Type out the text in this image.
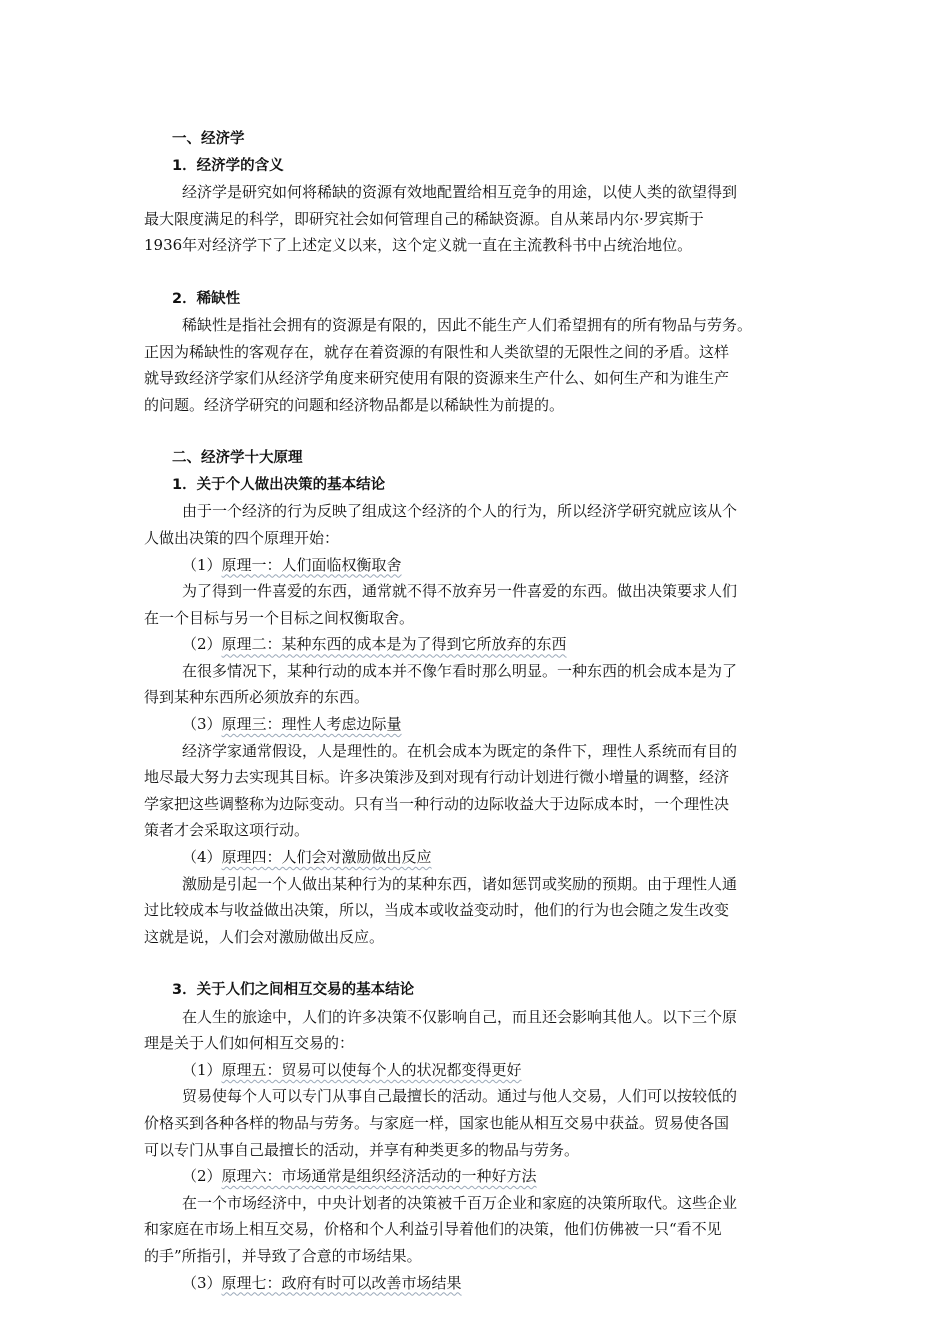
一、经济学
1．经济学的含义
经济学是研究如何将稀缺的资源有效地配置给相互竞争的用途，以使人类的欲望得到
最大限度满足的科学，即研究社会如何管理自己的稀缺资源。自从莱昂内尔·罗宾斯于
1936年对经济学下了上述定义以来，这个定义就一直在主流教科书中占统治地位。
2．稀缺性
稀缺性是指社会拥有的资源是有限的，因此不能生产人们希望拥有的所有物品与劳务。
正因为稀缺性的客观存在，就存在着资源的有限性和人类欲望的无限性之间的矛盾。这样
就导致经济学家们从经济学角度来研究使用有限的资源来生产什么、如何生产和为谁生产
的问题。经济学研究的问题和经济物品都是以稀缺性为前提的。
二、经济学十大原理
1．关于个人做出决策的基本结论
由于一个经济的行为反映了组成这个经济的个人的行为，所以经济学研究就应该从个
人做出决策的四个原理开始：
（1）原理一：人们面临权衡取舍
为了得到一件喜爱的东西，通常就不得不放弃另一件喜爱的东西。做出决策要求人们
在一个目标与另一个目标之间权衡取舍。
（2）原理二：某种东西的成本是为了得到它所放弃的东西
在很多情况下，某种行动的成本并不像乍看时那么明显。一种东西的机会成本是为了
得到某种东西所必须放弃的东西。
（3）原理三：理性人考虑边际量
经济学家通常假设，人是理性的。在机会成本为既定的条件下，理性人系统而有目的
地尽最大努力去实现其目标。许多决策涉及到对现有行动计划进行微小增量的调整，经济
学家把这些调整称为边际变动。只有当一种行动的边际收益大于边际成本时，一个理性决
策者才会采取这项行动。
（4）原理四：人们会对激励做出反应
激励是引起一个人做出某种行为的某种东西，诸如惩罚或奖励的预期。由于理性人通
过比较成本与收益做出决策，所以，当成本或收益变动时，他们的行为也会随之发生改变
这就是说，人们会对激励做出反应。
3．关于人们之间相互交易的基本结论
在人生的旅途中，人们的许多决策不仅影响自己，而且还会影响其他人。以下三个原
理是关于人们如何相互交易的：
（1）原理五：贸易可以使每个人的状况都变得更好
贸易使每个人可以专门从事自己最擅长的活动。通过与他人交易，人们可以按较低的
价格买到各种各样的物品与劳务。与家庭一样，国家也能从相互交易中获益。贸易使各国
可以专门从事自己最擅长的活动，并享有种类更多的物品与劳务。
（2）原理六：市场通常是组织经济活动的一种好方法
在一个市场经济中，中央计划者的决策被千百万企业和家庭的决策所取代。这些企业
和家庭在市场上相互交易，价格和个人利益引导着他们的决策，他们仿佛被一只“看不见
的手”所指引，并导致了合意的市场结果。
（3）原理七：政府有时可以改善市场结果
